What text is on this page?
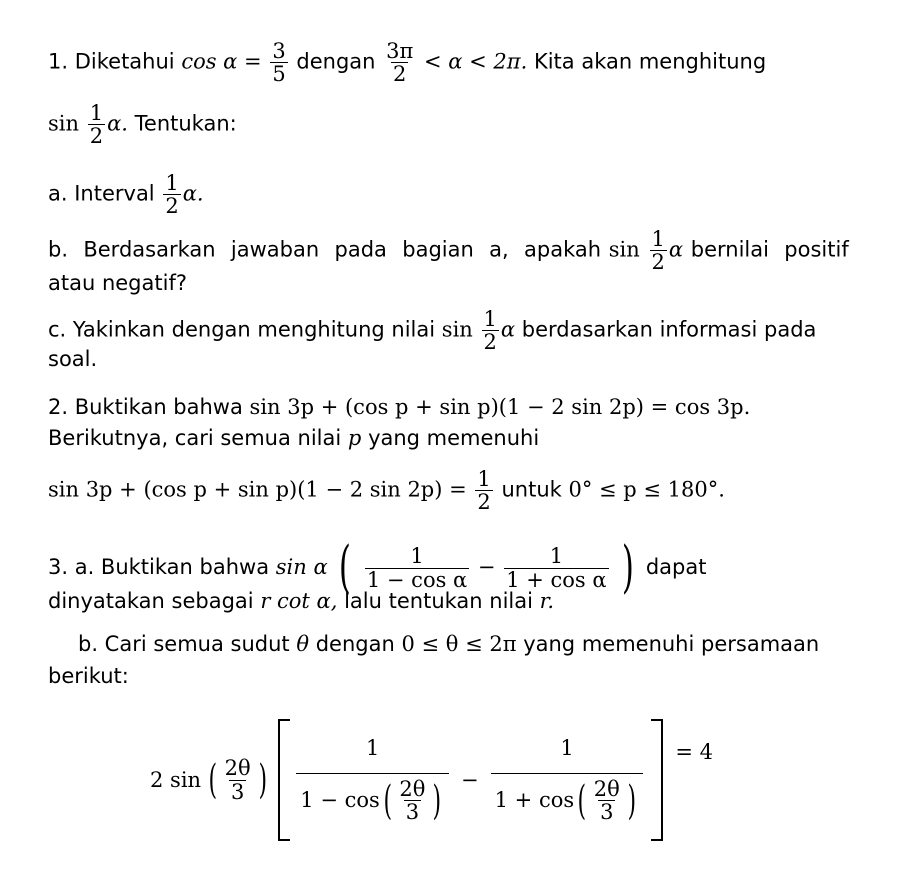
1. Diketahui $\cos \alpha = \frac{3}{5}$ dengan $\frac{3\pi}{2} < \alpha < 2\pi$. Kita akan menghitung
$\sin \frac{1}{2} \alpha$. Tentukan:
a. Interval $\frac{1}{2} \alpha$.
b.  Berdasarkan  jawaban  pada  bagian  a,  apakah $\sin \frac{1}{2}$ α bernilai  positif
atau negatif?
c. Yakinkan dengan menghitung nilai $\sin \frac{1}{2}$ α berdasarkan informasi pada
soal.
2. Buktikan bahwa sin 3p + (cos p + sin p)(1 − 2 sin 2p) = cos 3p.
Berikutnya, cari semua nilai p yang memenuhi
sin 3p + (cos p + sin p)(1 − 2 $\sin 2p) = \frac{1}{2}$ untuk 0° ≤ p ≤ 180°.
3. a. Buktikan bahwa sin α ( $\frac{1}{\text{1 − cos α}} - \frac{1}{\text{1 + cos α}}$ ) dapat
dinyatakan sebagai r cot α, lalu tentukan nilai r.
b. Cari semua sudut θ dengan 0 ≤ θ ≤ 2π yang memenuhi persamaan
berikut:
2 sin ( $\frac{2\theta}{3}$ ) $\frac{1}{1 - \cos ( \frac{2\theta}{3} )} - \frac{1}{1 + \cos ( \frac{2\theta}{3} )} = 4$
